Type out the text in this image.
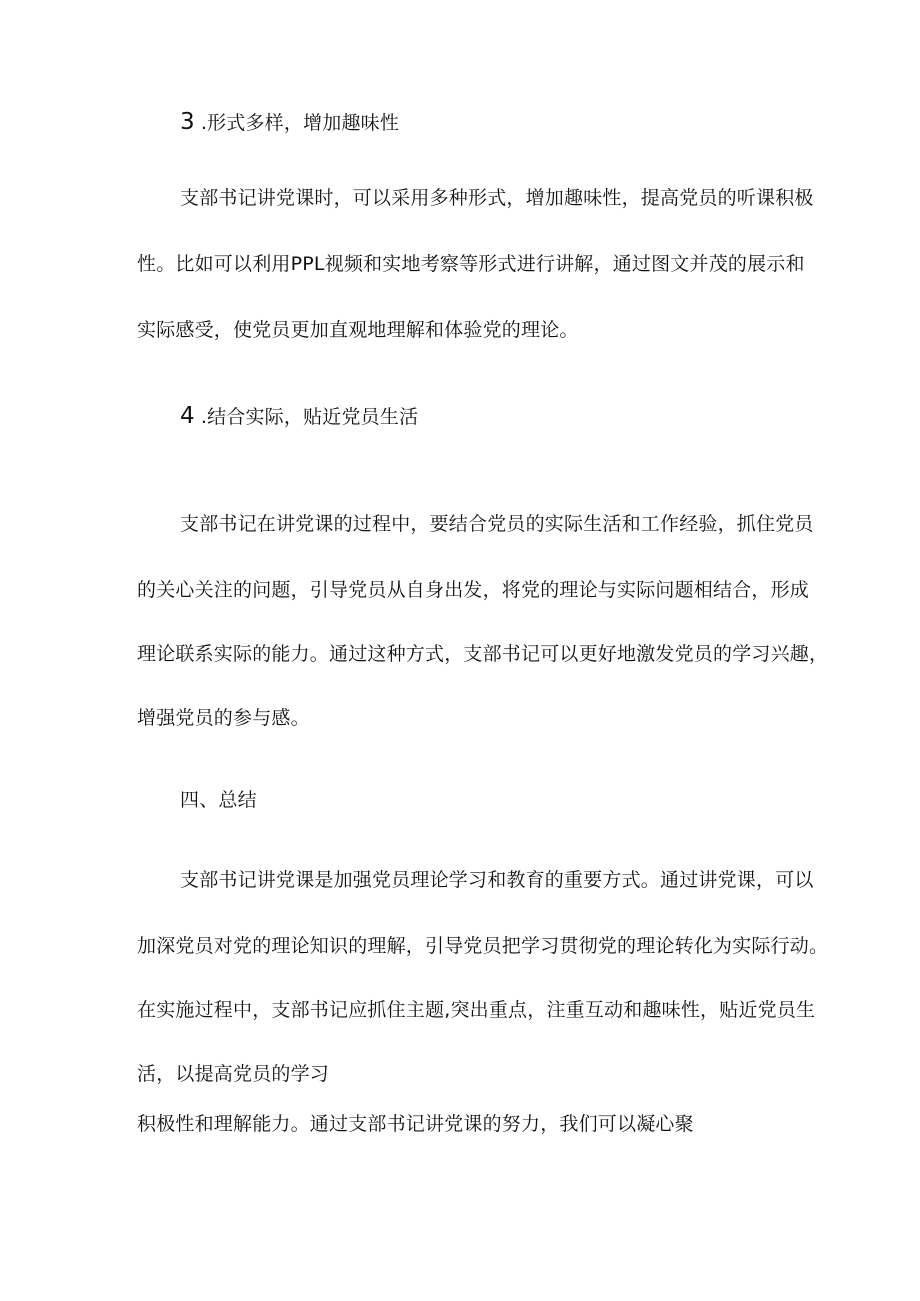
3 .形式多样，增加趣味性
支部书记讲党课时，可以采用多种形式，增加趣味性，提高党员的听课积极
性。比如可以利用PPL视频和实地考察等形式进行讲解，通过图文并茂的展示和
实际感受，使党员更加直观地理解和体验党的理论。
4 .结合实际，贴近党员生活
支部书记在讲党课的过程中，要结合党员的实际生活和工作经验，抓住党员
的关心关注的问题，引导党员从自身出发，将党的理论与实际问题相结合，形成
理论联系实际的能力。通过这种方式，支部书记可以更好地激发党员的学习兴趣，
增强党员的参与感。
四、总结
支部书记讲党课是加强党员理论学习和教育的重要方式。通过讲党课，可以
加深党员对党的理论知识的理解，引导党员把学习贯彻党的理论转化为实际行动。
在实施过程中，支部书记应抓住主题,突出重点，注重互动和趣味性，贴近党员生
活，以提高党员的学习
积极性和理解能力。通过支部书记讲党课的努力，我们可以凝心聚
